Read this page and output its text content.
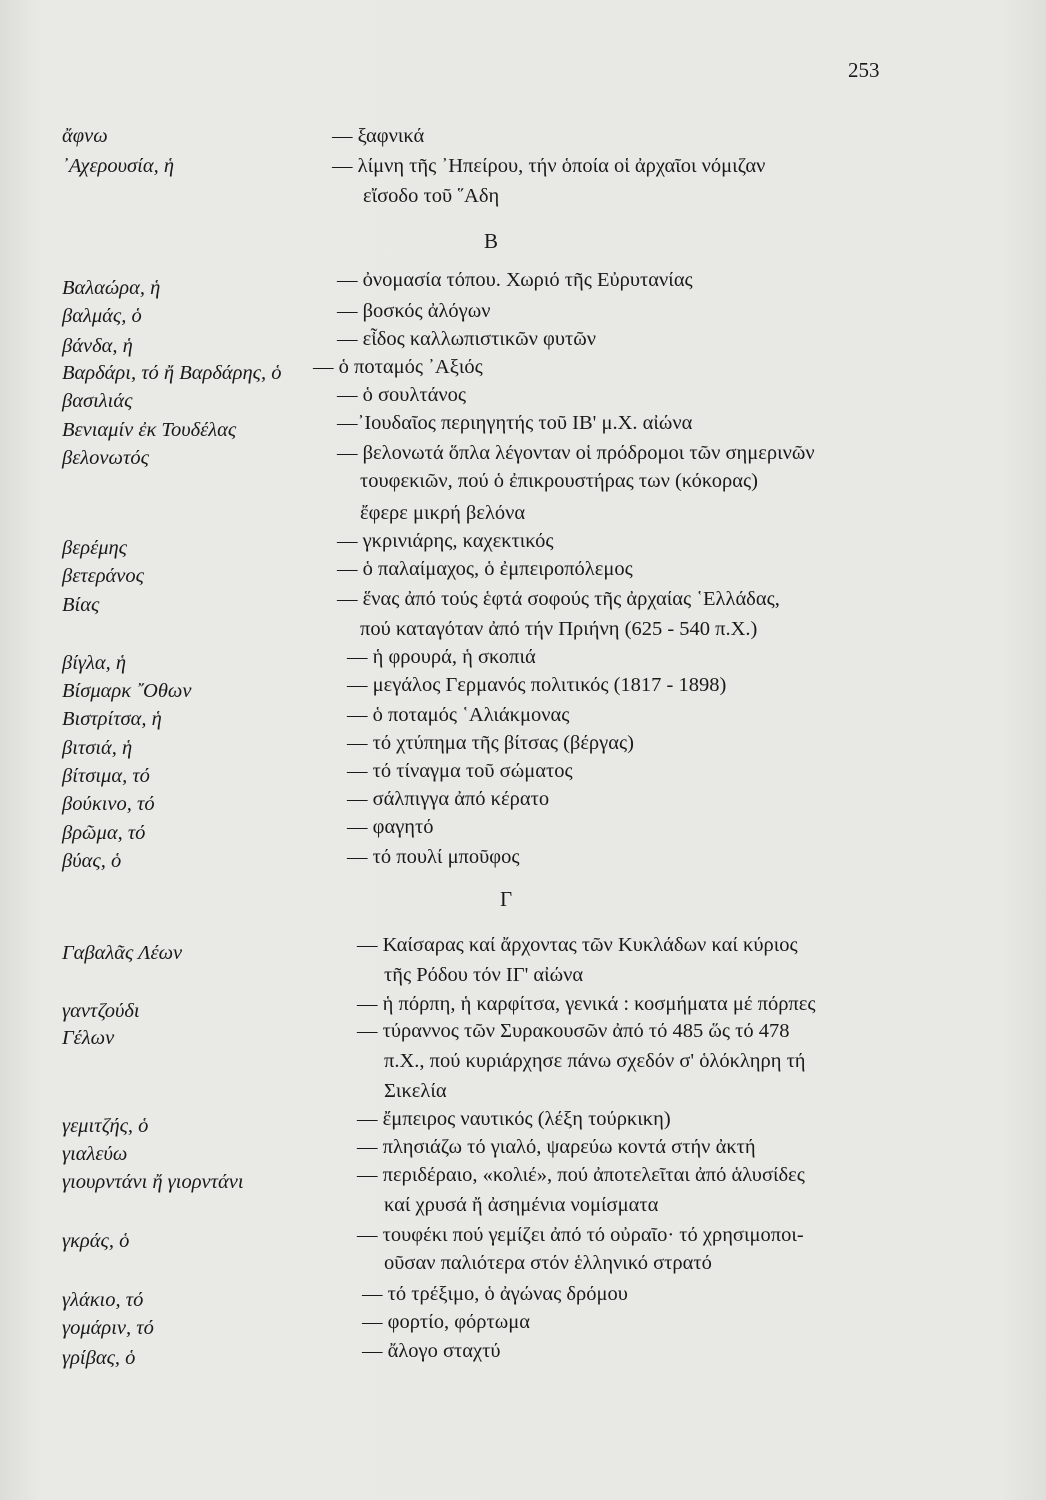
253
ἄφνω	— ξαφνικά
᾿Αχερουσία, ἡ	— λίμνη τῆς ᾿Ηπείρου, τήν ὁποία οἱ ἀρχαῖοι νόμιζαν
εἴσοδο τοῦ ῞Αδη
Β
Βαλαώρα, ἡ	— ὀνομασία τόπου. Χωριό τῆς Εὐρυτανίας
βαλμάς, ὁ	— βοσκός ἀλόγων
βάνδα, ἡ	— εἶδος καλλωπιστικῶν φυτῶν
Βαρδάρι, τό ἤ Βαρδάρης, ὁ — ὁ ποταμός ᾿Αξιός
βασιλιάς	— ὁ σουλτάνος
Βενιαμίν ἐκ Τουδέλας	—᾿Ιουδαῖος περιηγητής τοῦ ΙΒ' μ.Χ. αἰώνα
βελονωτός	— βελονωτά ὅπλα λέγονταν οἱ πρόδρομοι τῶν σημερινῶν
τουφεκιῶν, πού ὁ ἐπικρουστήρας των (κόκορας)
ἔφερε μικρή βελόνα
βερέμης	— γκρινιάρης, καχεκτικός
βετεράνος	— ὁ παλαίμαχος, ὁ ἐμπειροπόλεμος
Βίας	— ἕνας ἀπό τούς ἑφτά σοφούς τῆς ἀρχαίας ῾Ελλάδας,
πού καταγόταν ἀπό τήν Πριήνη (625 - 540 π.Χ.)
βίγλα, ἡ	— ἡ φρουρά, ἡ σκοπιά
Βίσμαρκ ῎Οθων	— μεγάλος Γερμανός πολιτικός (1817 - 1898)
Βιστρίτσα, ἡ	— ὁ ποταμός ῾Αλιάκμονας
βιτσιά, ἡ	— τό χτύπημα τῆς βίτσας (βέργας)
βίτσιμα, τό	— τό τίναγμα τοῦ σώματος
βούκινο, τό	— σάλπιγγα ἀπό κέρατο
βρῶμα, τό	— φαγητό
βύας, ὁ	— τό πουλί μποῦφος
Γ
Γαβαλᾶς Λέων	— Καίσαρας καί ἄρχοντας τῶν Κυκλάδων καί κύριος
τῆς Ρόδου τόν ΙΓ' αἰώνα
γαντζούδι	— ἡ πόρπη, ἡ καρφίτσα, γενικά : κοσμήματα μέ πόρπες
Γέλων	— τύραννος τῶν Συρακουσῶν ἀπό τό 485 ὥς τό 478
π.Χ., πού κυριάρχησε πάνω σχεδόν σ' ὁλόκληρη τή
Σικελία
γεμιτζής, ὁ	— ἔμπειρος ναυτικός (λέξη τούρκικη)
γιαλεύω	— πλησιάζω τό γιαλό, ψαρεύω κοντά στήν ἀκτή
γιουρντάνι ἤ γιορντάνι	— περιδέραιο, «κολιέ», πού ἀποτελεῖται ἀπό ἁλυσίδες
καί χρυσά ἤ ἀσημένια νομίσματα
γκράς, ὁ	— τουφέκι πού γεμίζει ἀπό τό οὐραῖο· τό χρησιμοποι-
οῦσαν παλιότερα στόν ἑλληνικό στρατό
γλάκιο, τό	— τό τρέξιμο, ὁ ἀγώνας δρόμου
γομάριν, τό	— φορτίο, φόρτωμα
γρίβας, ὁ	— ἄλογο σταχτύ
